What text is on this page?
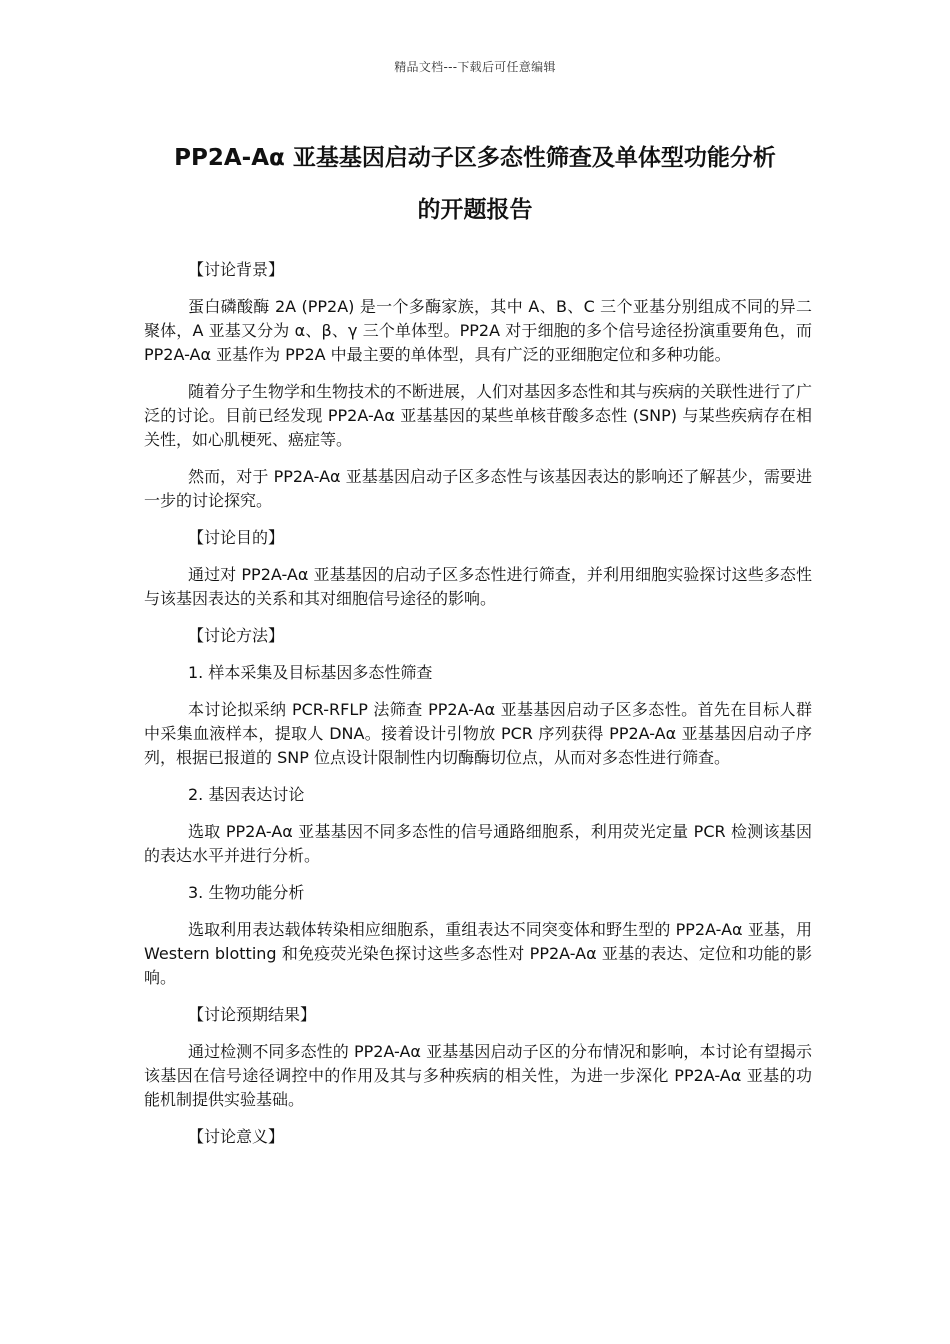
精品文档---下载后可任意编辑
PP2A-Aα 亚基基因启动子区多态性筛查及单体型功能分析
的开题报告

【讨论背景】

蛋白磷酸酶 2A (PP2A) 是一个多酶家族，其中 A、B、C 三个亚基分别组成不同的异二聚体，A 亚基又分为 α、β、γ 三个单体型。PP2A 对于细胞的多个信号途径扮演重要角色，而 PP2A-Aα 亚基作为 PP2A 中最主要的单体型，具有广泛的亚细胞定位和多种功能。

随着分子生物学和生物技术的不断进展，人们对基因多态性和其与疾病的关联性进行了广泛的讨论。目前已经发现 PP2A-Aα 亚基基因的某些单核苷酸多态性 (SNP) 与某些疾病存在相关性，如心肌梗死、癌症等。

然而，对于 PP2A-Aα 亚基基因启动子区多态性与该基因表达的影响还了解甚少，需要进一步的讨论探究。

【讨论目的】

通过对 PP2A-Aα 亚基基因的启动子区多态性进行筛查，并利用细胞实验探讨这些多态性与该基因表达的关系和其对细胞信号途径的影响。

【讨论方法】

1. 样本采集及目标基因多态性筛查

本讨论拟采纳 PCR-RFLP 法筛查 PP2A-Aα 亚基基因启动子区多态性。首先在目标人群中采集血液样本，提取人 DNA。接着设计引物放 PCR 序列获得 PP2A-Aα 亚基基因启动子序列，根据已报道的 SNP 位点设计限制性内切酶酶切位点，从而对多态性进行筛查。

2. 基因表达讨论

选取 PP2A-Aα 亚基基因不同多态性的信号通路细胞系，利用荧光定量 PCR 检测该基因的表达水平并进行分析。

3. 生物功能分析

选取利用表达载体转染相应细胞系，重组表达不同突变体和野生型的 PP2A-Aα 亚基，用 Western blotting 和免疫荧光染色探讨这些多态性对 PP2A-Aα 亚基的表达、定位和功能的影响。

【讨论预期结果】

通过检测不同多态性的 PP2A-Aα 亚基基因启动子区的分布情况和影响，本讨论有望揭示该基因在信号途径调控中的作用及其与多种疾病的相关性，为进一步深化 PP2A-Aα 亚基的功能机制提供实验基础。

【讨论意义】
